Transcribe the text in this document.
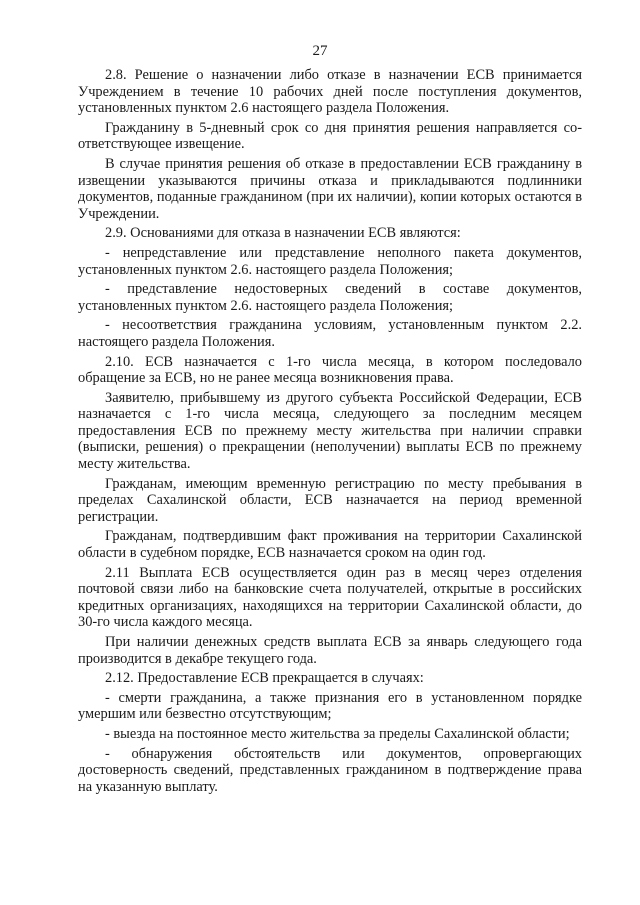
27

2.8. Решение о назначении либо отказе в назначении ЕСВ принимается Учреждением в течение 10 рабочих дней после поступления документов, установленных пунктом 2.6 настоящего раздела Положения.

Гражданину в 5-дневный срок со дня принятия решения направляется соответствующее извещение.

В случае принятия решения об отказе в предоставлении ЕСВ гражданину в извещении указываются причины отказа и прикладываются подлинники документов, поданные гражданином (при их наличии), копии которых остаются в Учреждении.

2.9. Основаниями для отказа в назначении ЕСВ являются:

- непредставление или представление неполного пакета документов, установленных пунктом 2.6. настоящего раздела Положения;

- представление недостоверных сведений в составе документов, установленных пунктом 2.6. настоящего раздела Положения;

- несоответствия гражданина условиям, установленным пунктом 2.2. настоящего раздела Положения.

2.10. ЕСВ назначается с 1-го числа месяца, в котором последовало обращение за ЕСВ, но не ранее месяца возникновения права.

Заявителю, прибывшему из другого субъекта Российской Федерации, ЕСВ назначается с 1-го числа месяца, следующего за последним месяцем предоставления ЕСВ по прежнему месту жительства при наличии справки (выписки, решения) о прекращении (неполучении) выплаты ЕСВ по прежнему месту жительства.

Гражданам, имеющим временную регистрацию по месту пребывания в пределах Сахалинской области, ЕСВ назначается на период временной регистрации.

Гражданам, подтвердившим факт проживания на территории Сахалинской области в судебном порядке, ЕСВ назначается сроком на один год.

2.11 Выплата ЕСВ осуществляется один раз в месяц через отделения почтовой связи либо на банковские счета получателей, открытые в российских кредитных организациях, находящихся на территории Сахалинской области, до 30-го числа каждого месяца.

При наличии денежных средств выплата ЕСВ за январь следующего года производится в декабре текущего года.

2.12. Предоставление ЕСВ прекращается в случаях:

- смерти гражданина, а также признания его в установленном порядке умершим или безвестно отсутствующим;

- выезда на постоянное место жительства за пределы Сахалинской области;

- обнаружения обстоятельств или документов, опровергающих достоверность сведений, представленных гражданином в подтверждение права на указанную выплату.
